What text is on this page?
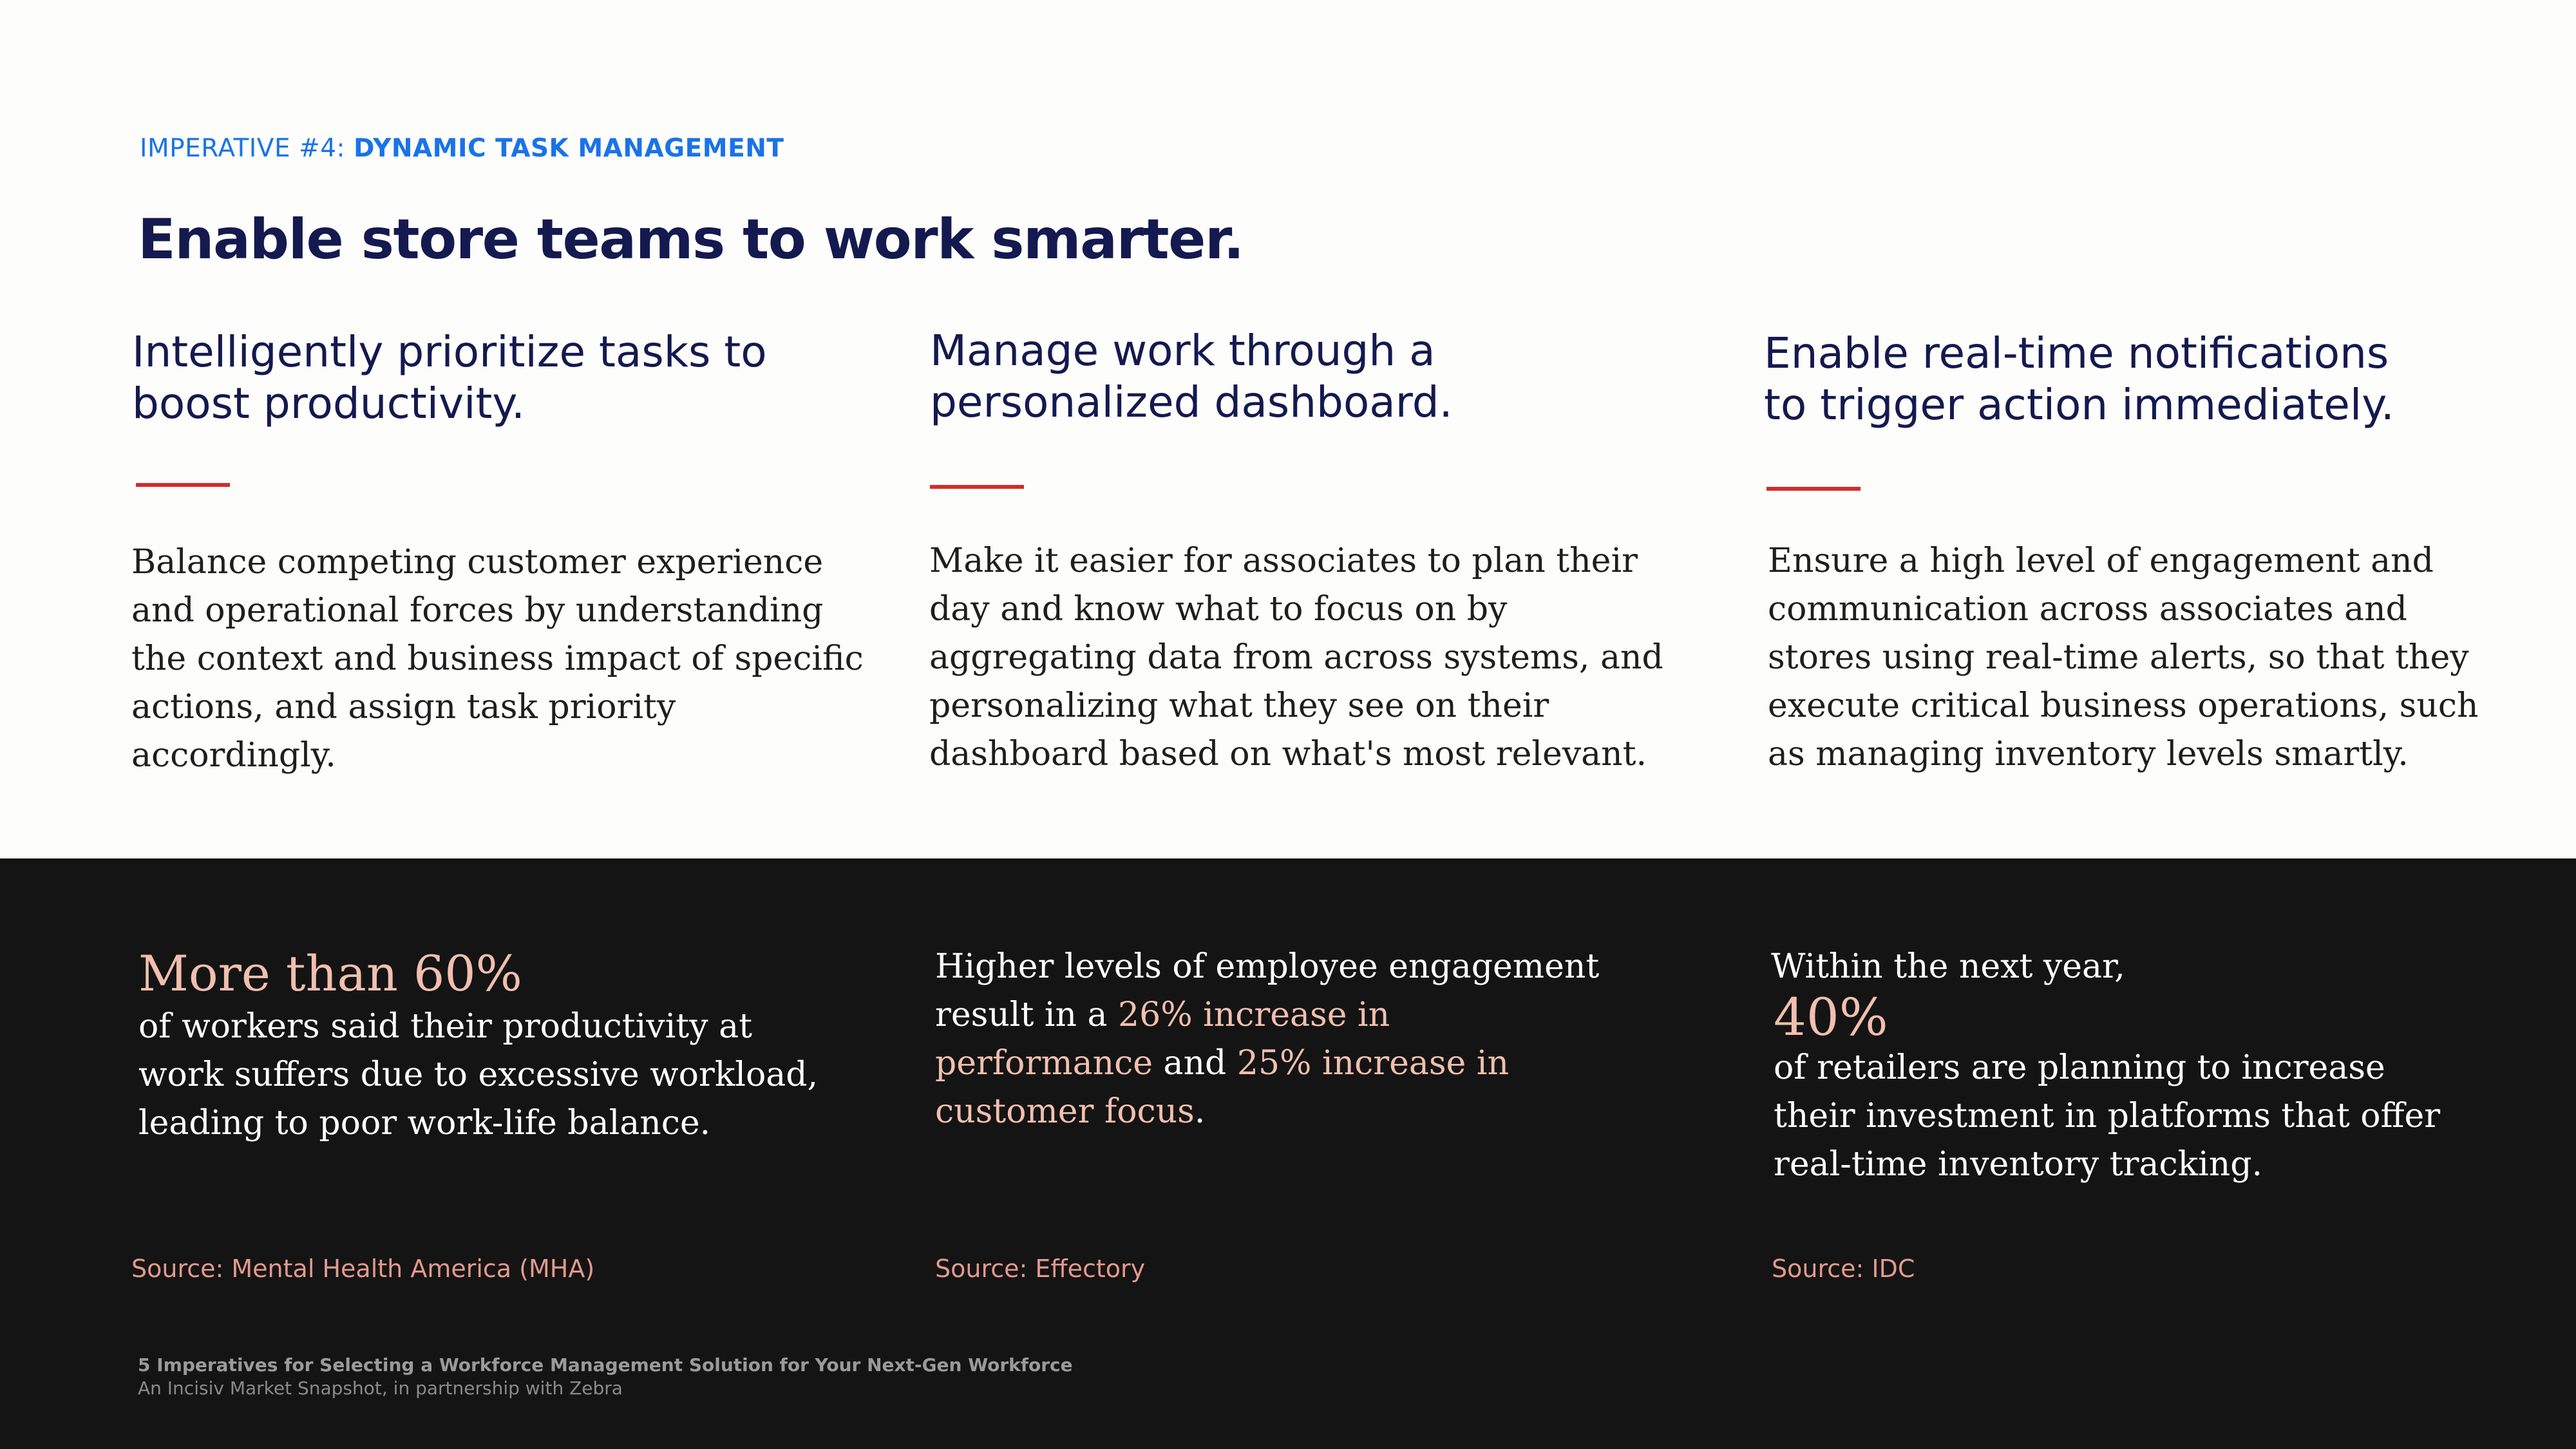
IMPERATIVE #4: DYNAMIC TASK MANAGEMENT
Enable store teams to work smarter.
Intelligently prioritize tasks to
boost productivity.
Balance competing customer experience
and operational forces by understanding
the context and business impact of specific
actions, and assign task priority
accordingly.
Manage work through a
personalized dashboard.
Make it easier for associates to plan their
day and know what to focus on by
aggregating data from across systems, and
personalizing what they see on their
dashboard based on what's most relevant.
Enable real-time notifications
to trigger action immediately.
Ensure a high level of engagement and
communication across associates and
stores using real-time alerts, so that they
execute critical business operations, such
as managing inventory levels smartly.
More than 60%
of workers said their productivity at
work suffers due to excessive workload,
leading to poor work-life balance.
Source: Mental Health America (MHA)
Higher levels of employee engagement
result in a 26% increase in
performance and 25% increase in
customer focus.
Source: Effectory
Within the next year,
40%
of retailers are planning to increase
their investment in platforms that offer
real-time inventory tracking.
Source: IDC
5 Imperatives for Selecting a Workforce Management Solution for Your Next-Gen Workforce
An Incisiv Market Snapshot, in partnership with Zebra
